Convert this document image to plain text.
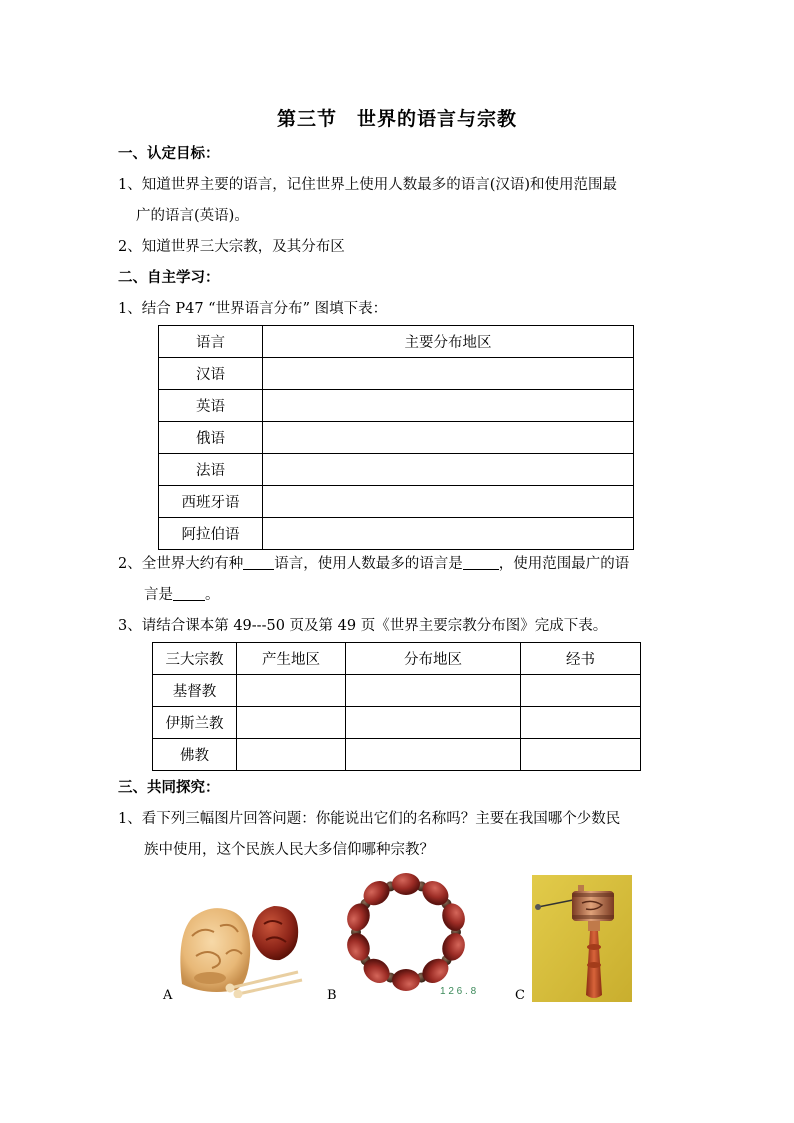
第三节　世界的语言与宗教
一、认定目标：
1、知道世界主要的语言，记住世界上使用人数最多的语言(汉语)和使用范围最
广的语言(英语)。
2、知道世界三大宗教，及其分布区
二、自主学习：
1、结合 P47 “世界语言分布” 图填下表：
语言	主要分布地区
汉语	
英语	
俄语	
法语	
西班牙语	
阿拉伯语	
2、全世界大约有种 语言，使用人数最多的语言是 ，使用范围最广的语
言是 。
3、请结合课本第 49---50 页及第 49 页《世界主要宗教分布图》完成下表。
三大宗教	产生地区	分布地区	经书
基督教			
伊斯兰教			
佛教			
三、共同探究：
1、看下列三幅图片回答问题：你能说出它们的名称吗？主要在我国哪个少数民
族中使用，这个民族人民大多信仰哪种宗教？
A	1 2 6 . 8
B	C
